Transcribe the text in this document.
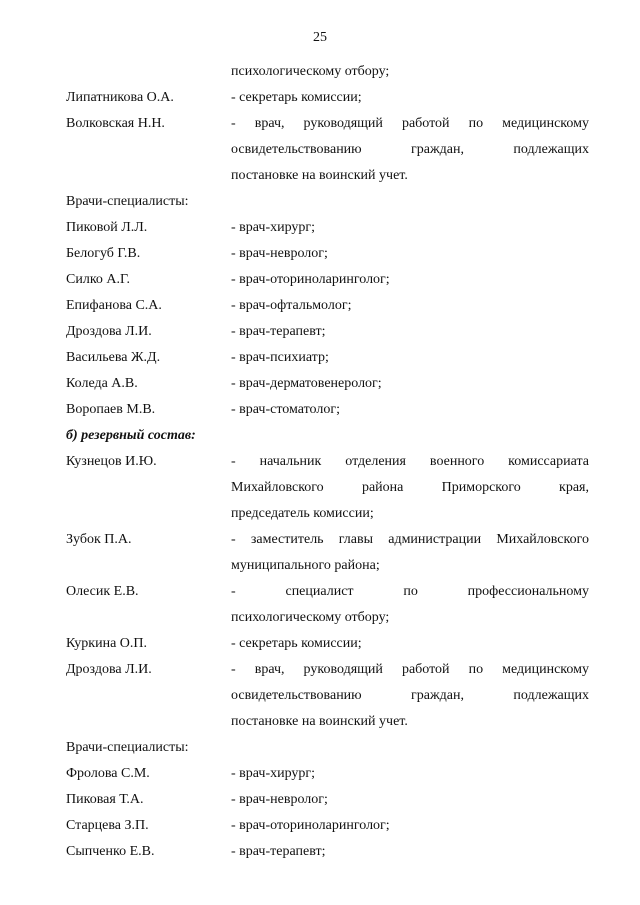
25
психологическому отбору;
Липатникова О.А.	- секретарь комиссии;
Волковская Н.Н.	- врач, руководящий работой по медицинскому
освидетельствованию граждан, подлежащих
постановке на воинский учет.
Врачи-специалисты:
Пиковой Л.Л.	- врач-хирург;
Белогуб Г.В.	- врач-невролог;
Силко А.Г.	- врач-оториноларинголог;
Епифанова С.А.	- врач-офтальмолог;
Дроздова Л.И.	- врач-терапевт;
Васильева Ж.Д.	- врач-психиатр;
Коледа А.В.	- врач-дерматовенеролог;
Воропаев М.В.	- врач-стоматолог;
б) резервный состав:
Кузнецов И.Ю.	- начальник отделения военного комиссариата
Михайловского района Приморского края,
председатель комиссии;
Зубок П.А.	- заместитель главы администрации Михайловского
муниципального района;
Олесик Е.В.	- специалист по профессиональному
психологическому отбору;
Куркина О.П.	- секретарь комиссии;
Дроздова Л.И.	- врач, руководящий работой по медицинскому
освидетельствованию граждан, подлежащих
постановке на воинский учет.
Врачи-специалисты:
Фролова С.М.	- врач-хирург;
Пиковая Т.А.	- врач-невролог;
Старцева З.П.	- врач-оториноларинголог;
Сыпченко Е.В.	- врач-терапевт;
